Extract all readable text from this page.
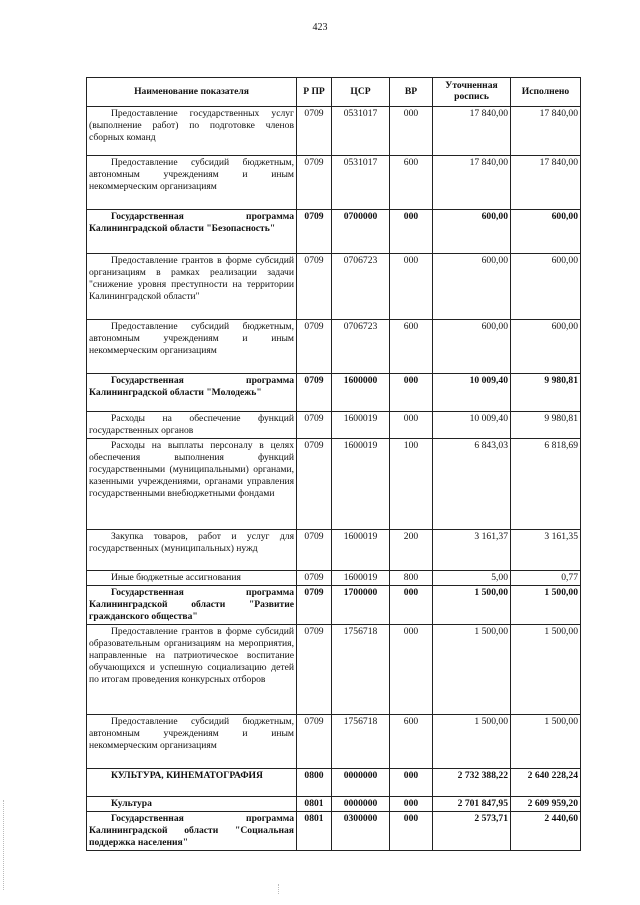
423
Наименование показателя	Р ПР	ЦСР	ВР	Уточненная роспись	Исполнено
Предоставление государственных услуг (выполнение работ) по подготовке членов сборных команд	0709	0531017	000	17 840,00	17 840,00
Предоставление субсидий бюджетным, автономным учреждениям и иным некоммерческим организациям	0709	0531017	600	17 840,00	17 840,00
Государственная программа Калининградской области "Безопасность"	0709	0700000	000	600,00	600,00
Предоставление грантов в форме субсидий организациям в рамках реализации задачи "снижение уровня преступности на территории Калининградской области"	0709	0706723	000	600,00	600,00
Предоставление субсидий бюджетным, автономным учреждениям и иным некоммерческим организациям	0709	0706723	600	600,00	600,00
Государственная программа Калининградской области "Молодежь"	0709	1600000	000	10 009,40	9 980,81
Расходы на обеспечение функций государственных органов	0709	1600019	000	10 009,40	9 980,81
Расходы на выплаты персоналу в целях обеспечения выполнения функций государственными (муниципальными) органами, казенными учреждениями, органами управления государственными внебюджетными фондами	0709	1600019	100	6 843,03	6 818,69
Закупка товаров, работ и услуг для государственных (муниципальных) нужд	0709	1600019	200	3 161,37	3 161,35
Иные бюджетные ассигнования	0709	1600019	800	5,00	0,77
Государственная программа Калининградской области "Развитие гражданского общества"	0709	1700000	000	1 500,00	1 500,00
Предоставление грантов в форме субсидий образовательным организациям на мероприятия, направленные на патриотическое воспитание обучающихся и успешную социализацию детей по итогам проведения конкурсных отборов	0709	1756718	000	1 500,00	1 500,00
Предоставление субсидий бюджетным, автономным учреждениям и иным некоммерческим организациям	0709	1756718	600	1 500,00	1 500,00
КУЛЬТУРА, КИНЕМАТОГРАФИЯ	0800	0000000	000	2 732 388,22	2 640 228,24
Культура	0801	0000000	000	2 701 847,95	2 609 959,20
Государственная программа Калининградской области "Социальная поддержка населения"	0801	0300000	000	2 573,71	2 440,60
